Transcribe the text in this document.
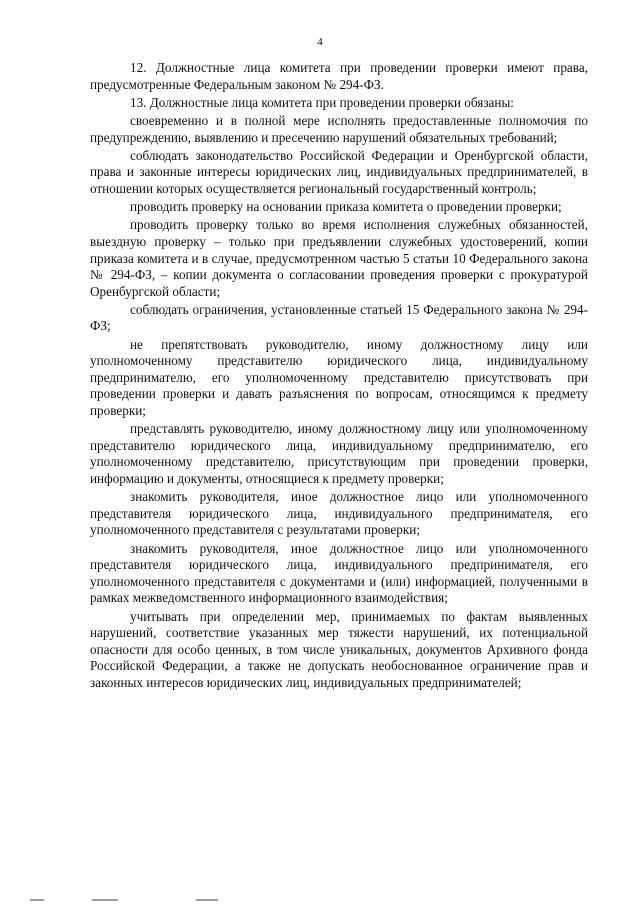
4

12. Должностные лица комитета при проведении проверки имеют права, предусмотренные Федеральным законом № 294-ФЗ.

13. Должностные лица комитета при проведении проверки обязаны:

своевременно и в полной мере исполнять предоставленные полномочия по предупреждению, выявлению и пресечению нарушений обязательных требований;

соблюдать законодательство Российской Федерации и Оренбургской области, права и законные интересы юридических лиц, индивидуальных предпринимателей, в отношении которых осуществляется региональный государственный контроль;

проводить проверку на основании приказа комитета о проведении проверки;

проводить проверку только во время исполнения служебных обязанностей, выездную проверку – только при предъявлении служебных удостоверений, копии приказа комитета и в случае, предусмотренном частью 5 статьи 10 Федерального закона № 294-ФЗ, – копии документа о согласовании проведения проверки с прокуратурой Оренбургской области;

соблюдать ограничения, установленные статьей 15 Федерального закона № 294-ФЗ;

не препятствовать руководителю, иному должностному лицу или уполномоченному представителю юридического лица, индивидуальному предпринимателю, его уполномоченному представителю присутствовать при проведении проверки и давать разъяснения по вопросам, относящимся к предмету проверки;

представлять руководителю, иному должностному лицу или уполномоченному представителю юридического лица, индивидуальному предпринимателю, его уполномоченному представителю, присутствующим при проведении проверки, информацию и документы, относящиеся к предмету проверки;

знакомить руководителя, иное должностное лицо или уполномоченного представителя юридического лица, индивидуального предпринимателя, его уполномоченного представителя с результатами проверки;

знакомить руководителя, иное должностное лицо или уполномоченного представителя юридического лица, индивидуального предпринимателя, его уполномоченного представителя с документами и (или) информацией, полученными в рамках межведомственного информационного взаимодействия;

учитывать при определении мер, принимаемых по фактам выявленных нарушений, соответствие указанных мер тяжести нарушений, их потенциальной опасности для особо ценных, в том числе уникальных, документов Архивного фонда Российской Федерации, а также не допускать необоснованное ограничение прав и законных интересов юридических лиц, индивидуальных предпринимателей;
